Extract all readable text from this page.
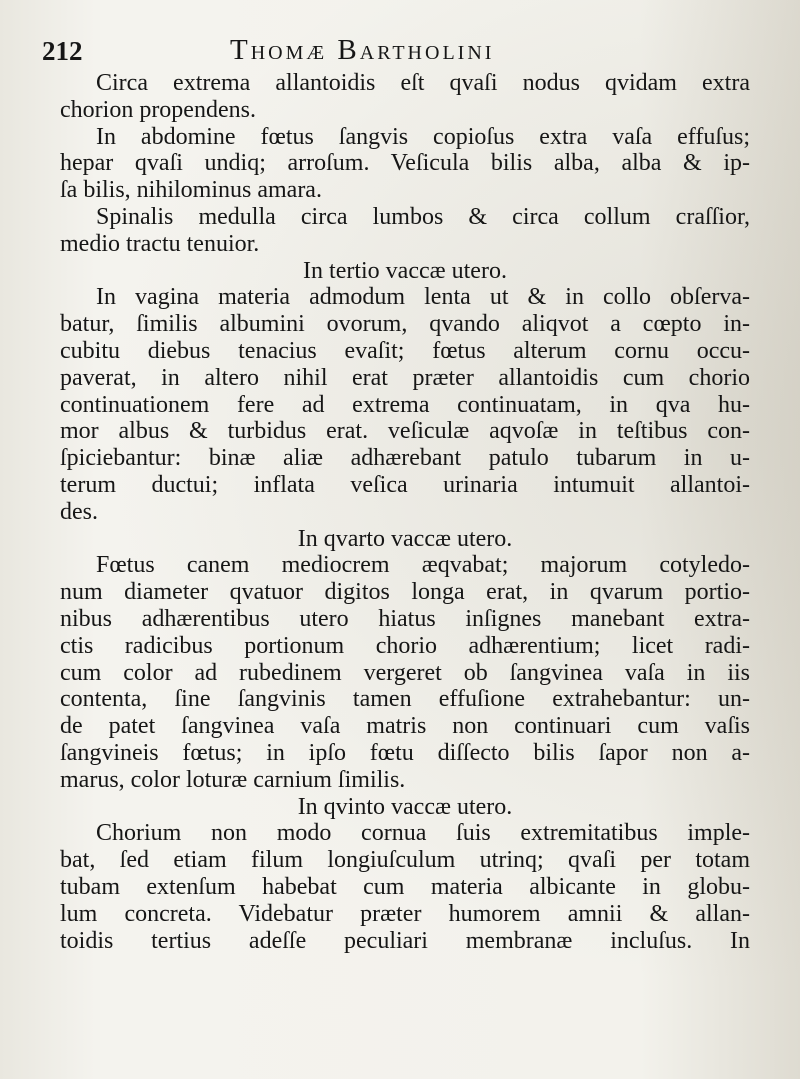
212	Thomæ Bartholini
Circa extrema allantoidis eſt qvaſi nodus qvidam extra
chorion propendens.
In abdomine fœtus ſangvis copioſus extra vaſa effuſus;
hepar qvaſi undiq; arroſum. Veſicula bilis alba, alba & ip-
ſa bilis, nihilominus amara.
Spinalis medulla circa lumbos & circa collum craſſior,
medio tractu tenuior.
In tertio vaccæ utero.
In vagina materia admodum lenta ut & in collo obſerva-
batur, ſimilis albumini ovorum, qvando aliqvot a cœpto in-
cubitu diebus tenacius evaſit; fœtus alterum cornu occu-
paverat, in altero nihil erat præter allantoidis cum chorio
continuationem fere ad extrema continuatam, in qva hu-
mor albus & turbidus erat. veſiculæ aqvoſæ in teſtibus con-
ſpiciebantur: binæ aliæ adhærebant patulo tubarum in u-
terum ductui; inflata veſica urinaria intumuit allantoi-
des.
In qvarto vaccæ utero.
Fœtus canem mediocrem æqvabat; majorum cotyledo-
num diameter qvatuor digitos longa erat, in qvarum portio-
nibus adhærentibus utero hiatus inſignes manebant extra-
ctis radicibus portionum chorio adhærentium; licet radi-
cum color ad rubedinem vergeret ob ſangvinea vaſa in iis
contenta, ſine ſangvinis tamen effuſione extrahebantur: un-
de patet ſangvinea vaſa matris non continuari cum vaſis
ſangvineis fœtus; in ipſo fœtu diſſecto bilis ſapor non a-
marus, color loturæ carnium ſimilis.
In qvinto vaccæ utero.
Chorium non modo cornua ſuis extremitatibus imple-
bat, ſed etiam filum longiuſculum utrinq; qvaſi per totam
tubam extenſum habebat cum materia albicante in globu-
lum concreta. Videbatur præter humorem amnii & allan-
toidis tertius adeſſe peculiari membranæ incluſus. In
